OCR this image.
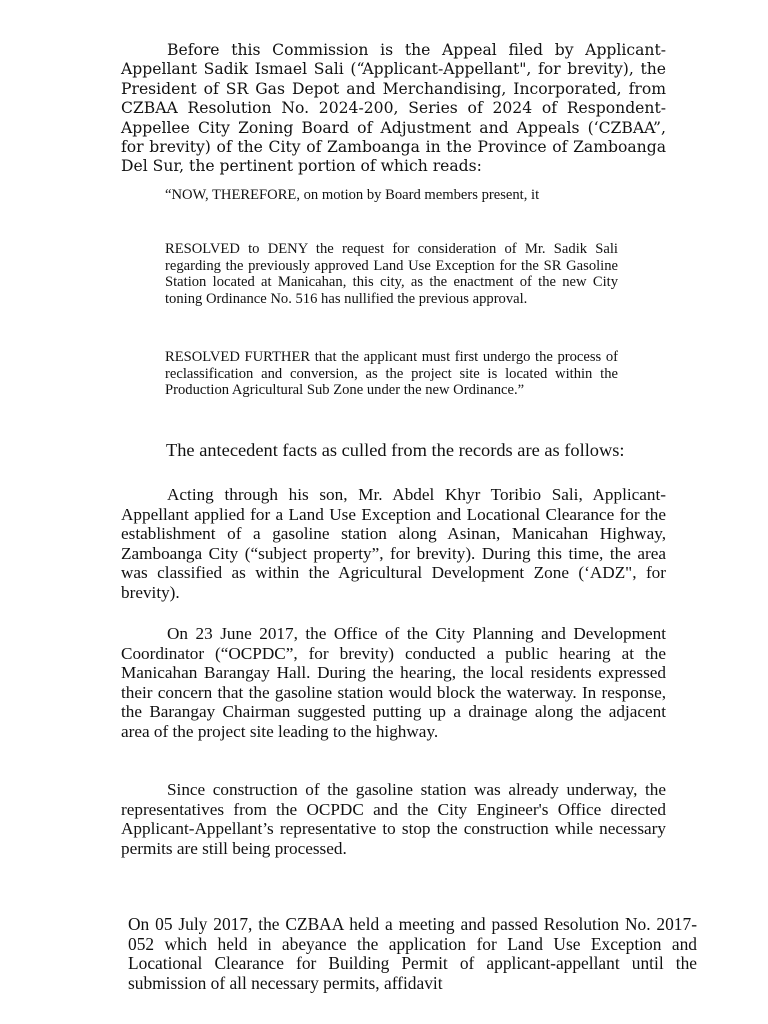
Before this Commission is the Appeal filed by Applicant-Appellant Sadik Ismael Sali (“Applicant-Appellant", for brevity), the President of SR Gas Depot and Merchandising, Incorporated, from CZBAA Resolution No. 2024-200, Series of 2024 of Respondent-Appellee City Zoning Board of Adjustment and Appeals (‘CZBAA”, for brevity) of the City of Zamboanga in the Province of Zamboanga Del Sur, the pertinent portion of which reads:

“NOW, THEREFORE, on motion by Board members present, it

RESOLVED to DENY the request for consideration of Mr. Sadik Sali regarding the previously approved Land Use Exception for the SR Gasoline Station located at Manicahan, this city, as the enactment of the new City toning Ordinance No. 516 has nullified the previous approval.

RESOLVED FURTHER that the applicant must first undergo the process of reclassification and conversion, as the project site is located within the Production Agricultural Sub Zone under the new Ordinance.”

The antecedent facts as culled from the records are as follows:

Acting through his son, Mr. Abdel Khyr Toribio Sali, Applicant-Appellant applied for a Land Use Exception and Locational Clearance for the establishment of a gasoline station along Asinan, Manicahan Highway, Zamboanga City (“subject property”, for brevity). During this time, the area was classified as within the Agricultural Development Zone (‘ADZ", for brevity).

On 23 June 2017, the Office of the City Planning and Development Coordinator (“OCPDC”, for brevity) conducted a public hearing at the Manicahan Barangay Hall. During the hearing, the local residents expressed their concern that the gasoline station would block the waterway. In response, the Barangay Chairman suggested putting up a drainage along the adjacent area of the project site leading to the highway.

Since construction of the gasoline station was already underway, the representatives from the OCPDC and the City Engineer's Office directed Applicant-Appellant’s representative to stop the construction while necessary permits are still being processed.

On 05 July 2017, the CZBAA held a meeting and passed Resolution No. 2017-052 which held in abeyance the application for Land Use Exception and Locational Clearance for Building Permit of applicant-appellant until the submission of all necessary permits, affidavit
